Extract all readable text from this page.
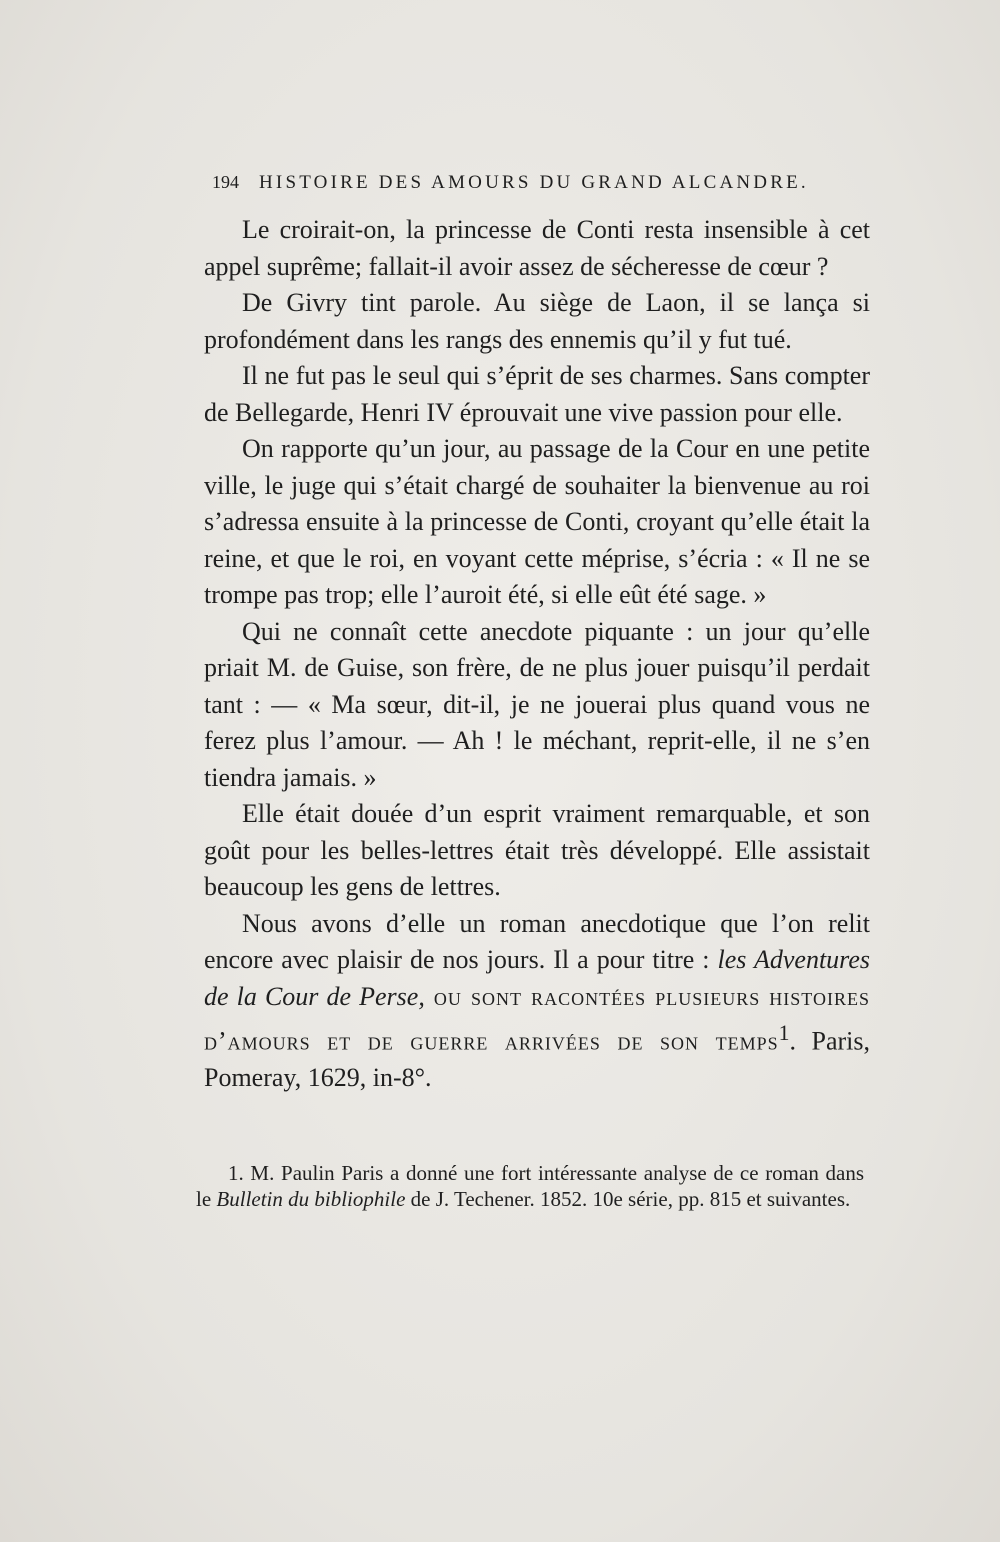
194 HISTOIRE DES AMOURS DU GRAND ALCANDRE.

Le croirait-on, la princesse de Conti resta insensible à cet appel suprême; fallait-il avoir assez de sécheresse de cœur ?

De Givry tint parole. Au siège de Laon, il se lança si profondément dans les rangs des ennemis qu’il y fut tué.

Il ne fut pas le seul qui s’éprit de ses charmes. Sans compter de Bellegarde, Henri IV éprouvait une vive passion pour elle.

On rapporte qu’un jour, au passage de la Cour en une petite ville, le juge qui s’était chargé de souhaiter la bienvenue au roi s’adressa ensuite à la princesse de Conti, croyant qu’elle était la reine, et que le roi, en voyant cette méprise, s’écria : « Il ne se trompe pas trop; elle l’auroit été, si elle eût été sage. »

Qui ne connaît cette anecdote piquante : un jour qu’elle priait M. de Guise, son frère, de ne plus jouer puisqu’il perdait tant : — « Ma sœur, dit-il, je ne jouerai plus quand vous ne ferez plus l’amour. — Ah ! le méchant, reprit-elle, il ne s’en tiendra jamais. »

Elle était douée d’un esprit vraiment remarquable, et son goût pour les belles-lettres était très développé. Elle assistait beaucoup les gens de lettres.

Nous avons d’elle un roman anecdotique que l’on relit encore avec plaisir de nos jours. Il a pour titre : les Adventures de la Cour de Perse, ou sont racontées plusieurs histoires d’amours et de guerre arrivées de son temps$^1$. Paris, Pomeray, 1629, in-8°.

1. M. Paulin Paris a donné une fort intéressante analyse de ce roman dans le Bulletin du bibliophile de J. Techener. 1852. 10e série, pp. 815 et suivantes.
